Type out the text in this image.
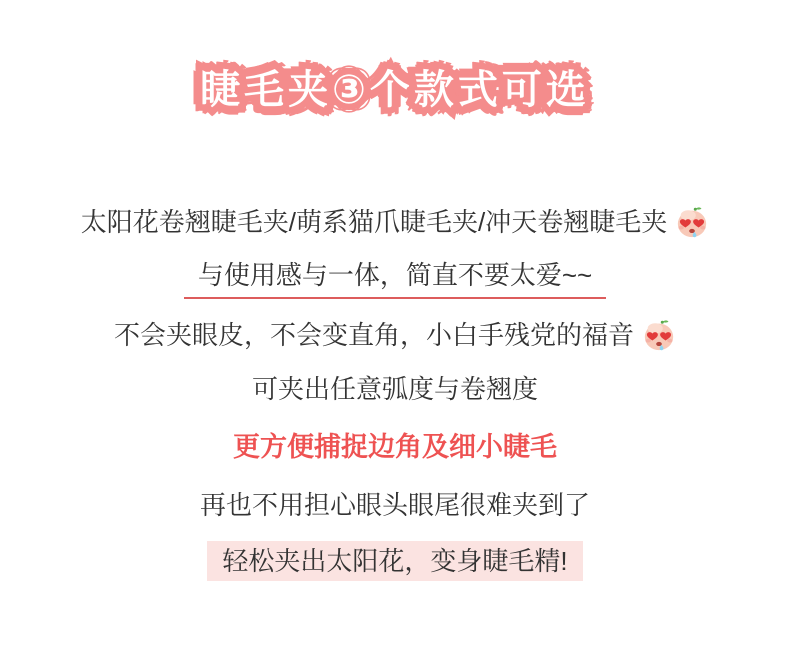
睫毛夹③个款式可选 睫毛夹③个款式可选
太阳花卷翘睫毛夹/萌系猫爪睫毛夹/冲天卷翘睫毛夹
与使用感与一体，简直不要太爱~~
不会夹眼皮，不会变直角，小白手残党的福音
可夹出任意弧度与卷翘度
更方便捕捉边角及细小睫毛
再也不用担心眼头眼尾很难夹到了
轻松夹出太阳花，变身睫毛精!
